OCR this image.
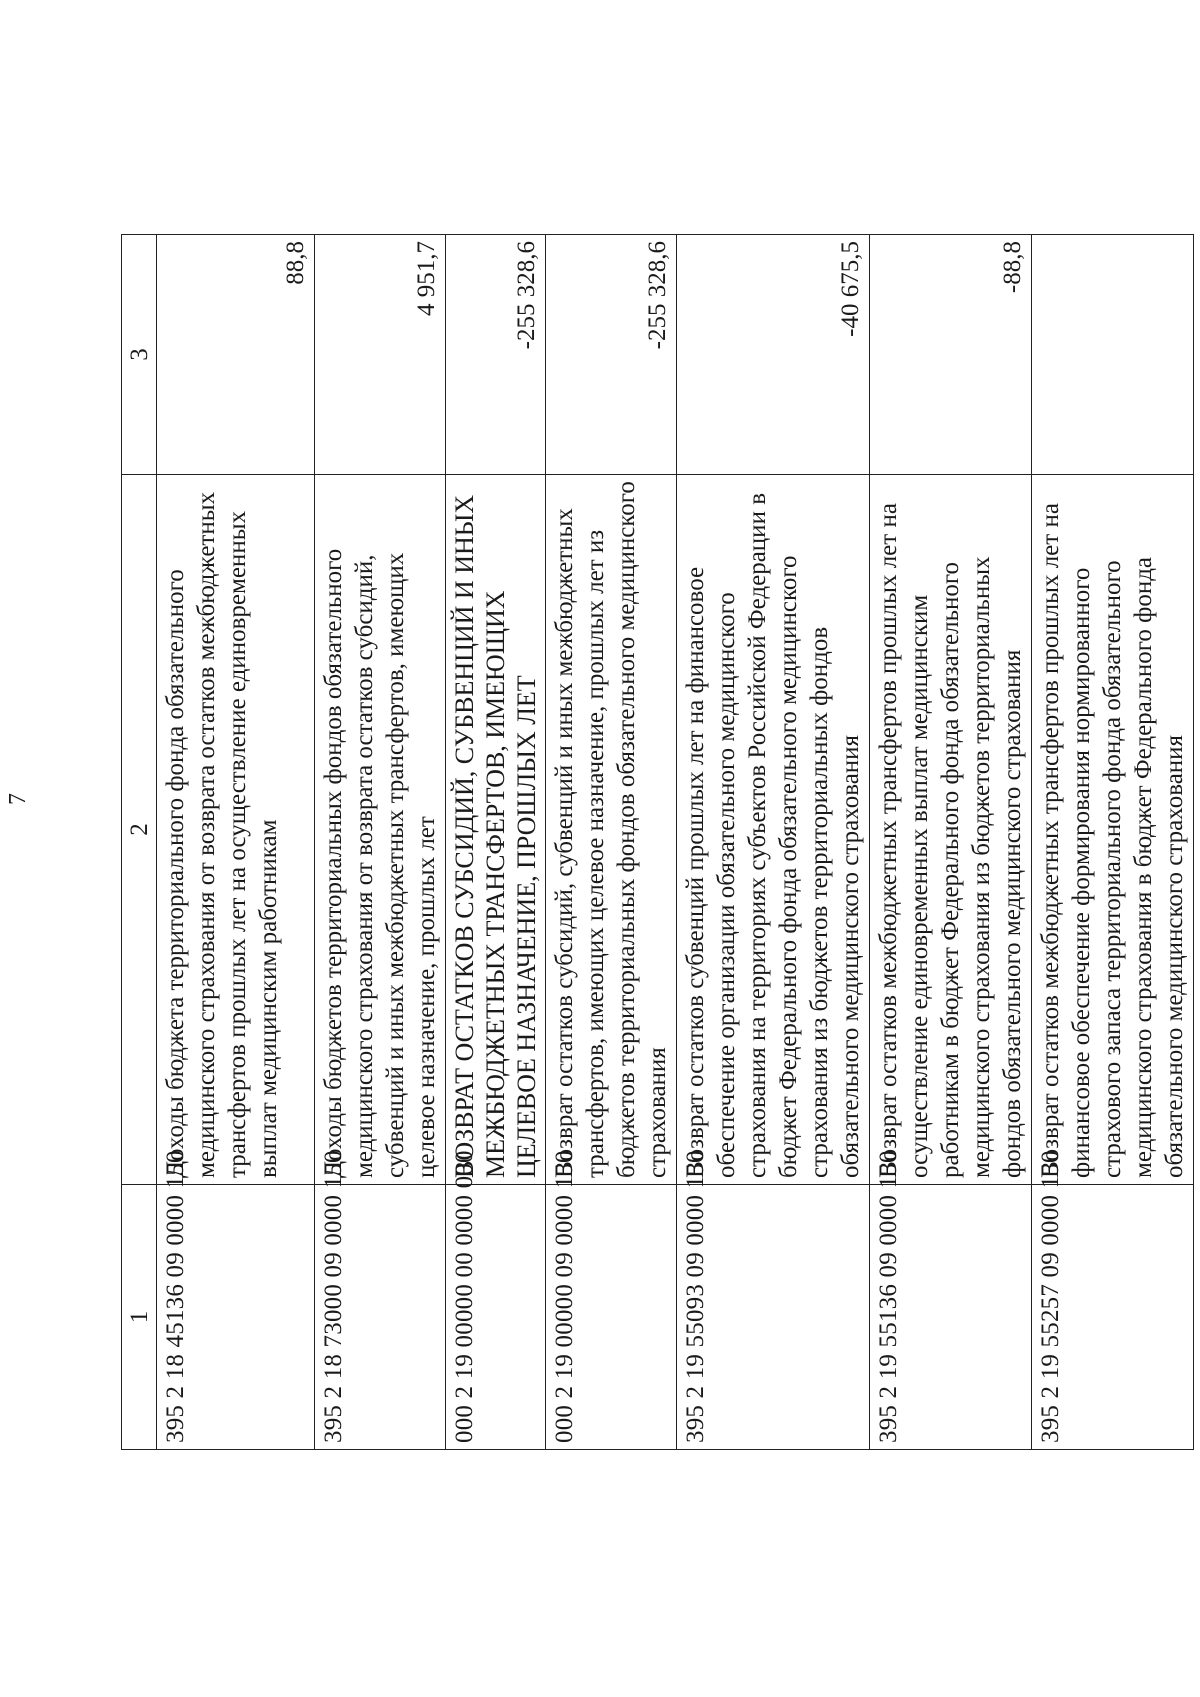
7
1	2	3
395 2 18 45136 09 0000 150	Доходы бюджета территориального фонда обязательного медицинского страхования от возврата остатков межбюджетных трансфертов прошлых лет на осуществление единовременных выплат медицинским работникам	88,8
395 2 18 73000 09 0000 150	Доходы бюджетов территориальных фондов обязательного медицинского страхования от возврата остатков субсидий, субвенций и иных межбюджетных трансфертов, имеющих целевое назначение, прошлых лет	4 951,7
000 2 19 00000 00 0000 000	ВОЗВРАТ ОСТАТКОВ СУБСИДИЙ, СУБВЕНЦИЙ И ИНЫХ МЕЖБЮДЖЕТНЫХ ТРАНСФЕРТОВ, ИМЕЮЩИХ ЦЕЛЕВОЕ НАЗНАЧЕНИЕ, ПРОШЛЫХ ЛЕТ	-255 328,6
000 2 19 00000 09 0000 150	Возврат остатков субсидий, субвенций и иных межбюджетных трансфертов, имеющих целевое назначение, прошлых лет из бюджетов территориальных фондов обязательного медицинского страхования	-255 328,6
395 2 19 55093 09 0000 150	Возврат остатков субвенций прошлых лет на финансовое обеспечение организации обязательного медицинского страхования на территориях субъектов Российской Федерации в бюджет Федерального фонда обязательного медицинского страхования из бюджетов территориальных фондов обязательного медицинского страхования	-40 675,5
395 2 19 55136 09 0000 150	Возврат остатков межбюджетных трансфертов прошлых лет на осуществление единовременных выплат медицинским работникам в бюджет Федерального фонда обязательного медицинского страхования из бюджетов территориальных фондов обязательного медицинского страхования	-88,8
395 2 19 55257 09 0000 150	Возврат остатков межбюджетных трансфертов прошлых лет на финансовое обеспечение формирования нормированного страхового запаса территориального фонда обязательного медицинского страхования в бюджет Федерального фонда обязательного медицинского страхования	
